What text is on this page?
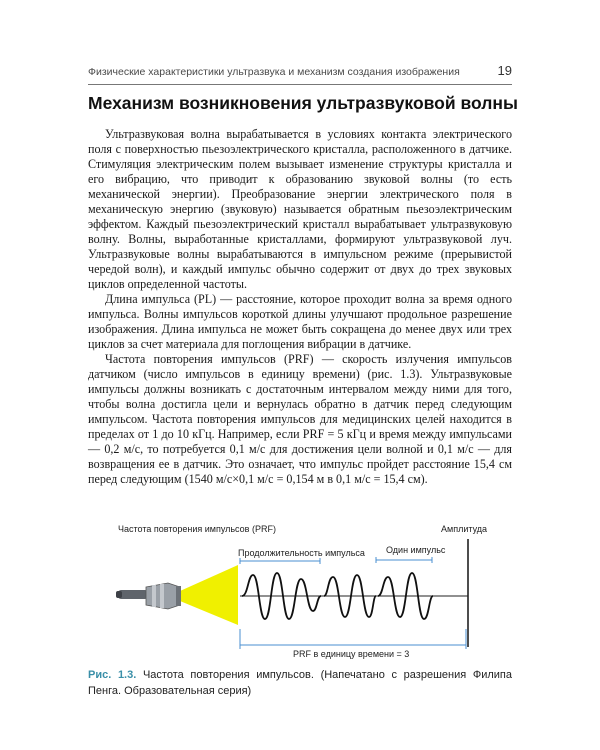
Физические характеристики ультразвука и механизм создания изображения	19
Механизм возникновения ультразвуковой волны

Ультразвуковая волна вырабатывается в условиях контакта электрического поля с поверхностью пьезоэлектрического кристалла, расположенного в датчике. Стимуляция электрическим полем вызывает изменение структуры кристалла и его вибрацию, что приводит к образованию звуковой волны (то есть механической энергии). Преобразование энергии электрического поля в механическую энергию (звуковую) называется обратным пьезоэлектрическим эффектом. Каждый пьезоэлектрический кристалл вырабатывает ультразвуковую волну. Волны, выработанные кристаллами, формируют ультразвуковой луч. Ультразвуковые волны вырабатываются в импульсном режиме (прерывистой чередой волн), и каждый импульс обычно содержит от двух до трех звуковых циклов определенной частоты.

Длина импульса (PL) — расстояние, которое проходит волна за время одного импульса. Волны импульсов короткой длины улучшают продольное разрешение изображения. Длина импульса не может быть сокращена до менее двух или трех циклов за счет материала для поглощения вибрации в датчике.

Частота повторения импульсов (PRF) — скорость излучения импульсов датчиком (число импульсов в единицу времени) (рис. 1.3). Ультразвуковые импульсы должны возникать с достаточным интервалом между ними для того, чтобы волна достигла цели и вернулась обратно в датчик перед следующим импульсом. Частота повторения импульсов для медицинских целей находится в пределах от 1 до 10 кГц. Например, если PRF = 5 кГц и время между импульсами — 0,2 м/с, то потребуется 0,1 м/с для достижения цели волной и 0,1 м/с — для возвращения ее в датчик. Это означает, что импульс пройдет расстояние 15,4 см перед следующим (1540 м/с×0,1 м/с = 0,154 м в 0,1 м/с = 15,4 см).

Частота повторения импульсов (PRF)	Амплитуда
Продолжительность импульса Один импульс
PRF в единицу времени = 3
Рис. 1.3. Частота повторения импульсов. (Напечатано с разрешения Филипа Пенга. Образовательная серия)
